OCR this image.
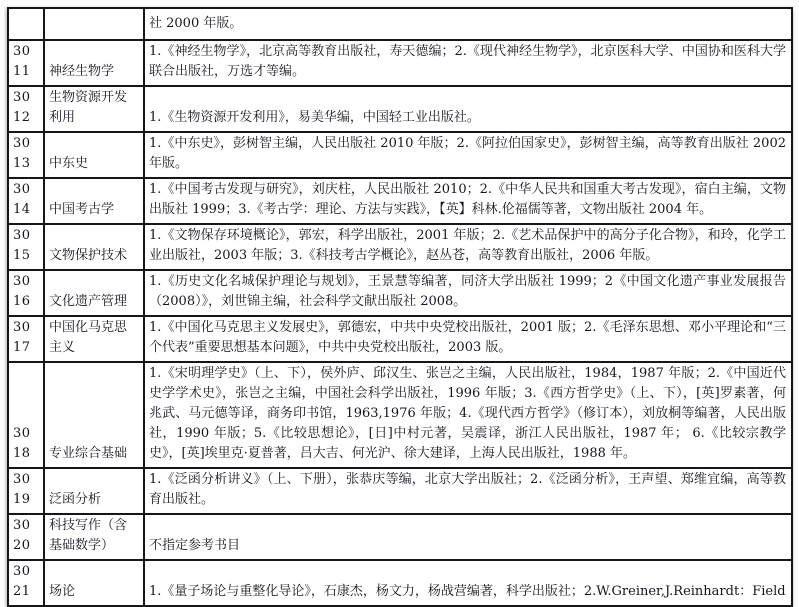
		社 2000 年版。
3011	神经生物学	1.《神经生物学》，北京高等教育出版社，寿天德编；2.《现代神经生物学》，北京医科大学、中国协和医科大学联合出版社，万选才等编。
3012	生物资源开发利用	1.《生物资源开发利用》，易美华编，中国轻工业出版社。
3013	中东史	1.《中东史》，彭树智主编，人民出版社 2010 年版；2.《阿拉伯国家史》，彭树智主编，高等教育出版社 2002 年版。
3014	中国考古学	1.《中国考古发现与研究》，刘庆柱，人民出版社 2010；2.《中华人民共和国重大考古发现》，宿白主编，文物出版社 1999；3.《考古学：理论、方法与实践》，【英】科林.伦福儒等著，文物出版社 2004 年。
3015	文物保护技术	1.《文物保存环境概论》，郭宏，科学出版社，2001 年版；2.《艺术品保护中的高分子化合物》，和玲，化学工业出版社，2003 年版；3.《科技考古学概论》，赵丛苍，高等教育出版社，2006 年版。
3016	文化遗产管理	1.《历史文化名城保护理论与规划》，王景慧等编著，同济大学出版社 1999；2《中国文化遗产事业发展报告（2008）》，刘世锦主编，社会科学文献出版社 2008。
3017	中国化马克思主义	1.《中国化马克思主义发展史》，郭德宏，中共中央党校出版社，2001 版；2.《毛泽东思想、邓小平理论和“三个代表”重要思想基本问题》，中共中央党校出版社，2003 版。
3018	专业综合基础	1.《宋明理学史》（上、下），侯外庐、邱汉生、张岂之主编，人民出版社，1984，1987 年版；2.《中国近代史学学术史》，张岂之主编，中国社会科学出版社，1996 年版；3.《西方哲学史》（上、下），[英]罗素著，何兆武、马元德等译，商务印书馆，1963,1976 年版；4.《现代西方哲学》（修订本），刘放桐等编著，人民出版社，1990 年版；5.《比较思想论》，[日]中村元著，吴震译，浙江人民出版社，1987 年； 6.《比较宗教学史》，[英]埃里克·夏普著，吕大吉、何光沪、徐大建译，上海人民出版社，1988 年。
3019	泛函分析	1.《泛函分析讲义》（上、下册），张恭庆等编，北京大学出版社；2.《泛函分析》，王声望、郑维宜编，高等教育出版社。
3020	科技写作（含基础数学）	不指定参考书目
3021	场论	1.《量子场论与重整化导论》，石康杰，杨文力，杨战营编著，科学出版社；2.W.Greiner,J.Reinhardt：Field
